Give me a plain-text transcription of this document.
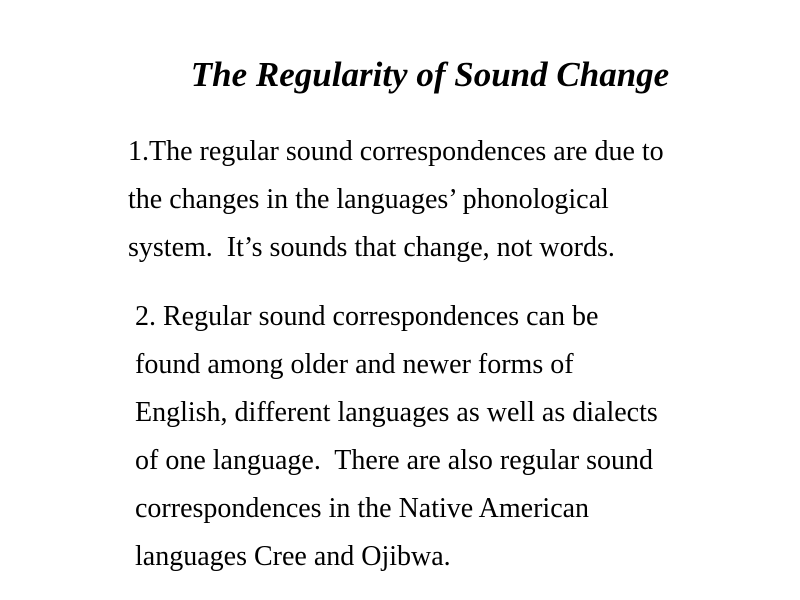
The Regularity of Sound Change
1.The regular sound correspondences are due to
the changes in the languages’ phonological
system.  It’s sounds that change, not words.
2. Regular sound correspondences can be
found among older and newer forms of
English, different languages as well as dialects
of one language.  There are also regular sound
correspondences in the Native American
languages Cree and Ojibwa.
